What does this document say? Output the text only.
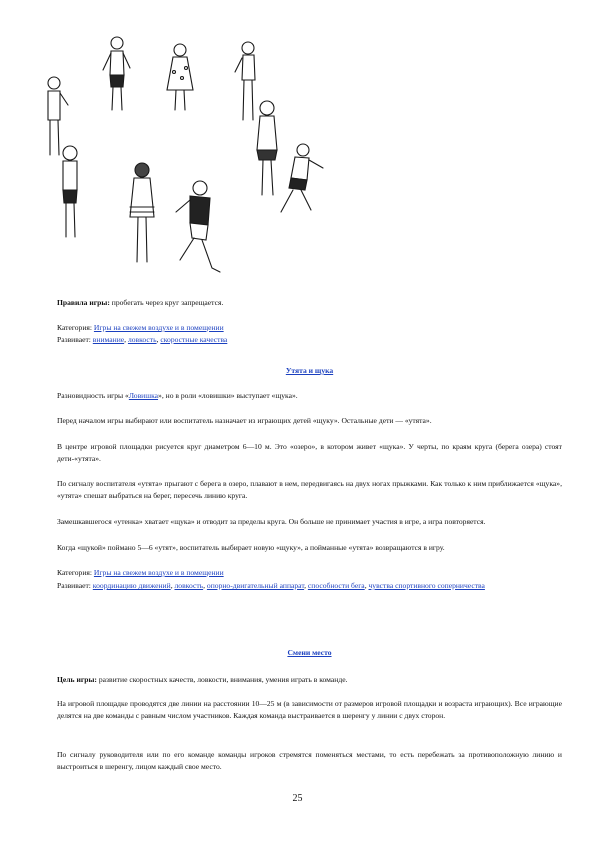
Правила игры: пробегать через круг запрещается.

Категория: Игры на свежем воздухе и в помещении

Развивает: внимание, ловкость, скоростные качества

Утята и щука

Разновидность игры «Ловишка», но в роли «ловишки» выступает «щука».

Перед началом игры выбирают или воспитатель назначает из играющих детей «щуку». Остальные дети — «утята».

В центре игровой площадки рисуется круг диаметром 6—10 м. Это «озеро», в котором живет «щука». У черты, по краям круга (берега озера) стоят дети-«утята».

По сигналу воспитателя «утята» прыгают с берега в озеро, плавают в нем, передвигаясь на двух ногах прыжками. Как только к ним приближается «щука», «утята» спешат выбраться на берег, пересечь линию круга.

Замешкавшегося «утенка» хватает «щука» и отводит за пределы круга. Он больше не принимает участия в игре, а игра повторяется.

Когда «щукой» поймано 5—6 «утят», воспитатель выбирает новую «щуку», а пойманные «утята» возвращаются в игру.

Категория: Игры на свежем воздухе и в помещении

Развивает: координацию движений, ловкость, опорно-двигательный аппарат, способности бега, чувства спортивного соперничества

Смени место

Цель игры: развитие скоростных качеств, ловкости, внимания, умения играть в команде.

На игровой площадке проводятся две линии на расстоянии 10—25 м (в зависимости от размеров игровой площадки и возраста играющих). Все играющие делятся на две команды с равным числом участников. Каждая команда выстраивается в шеренгу у линии с двух сторон.

По сигналу руководителя или по его команде команды игроков стремятся поменяться местами, то есть перебежать за противоположную линию и выстроиться в шеренгу, лицом каждый свое место.

25
